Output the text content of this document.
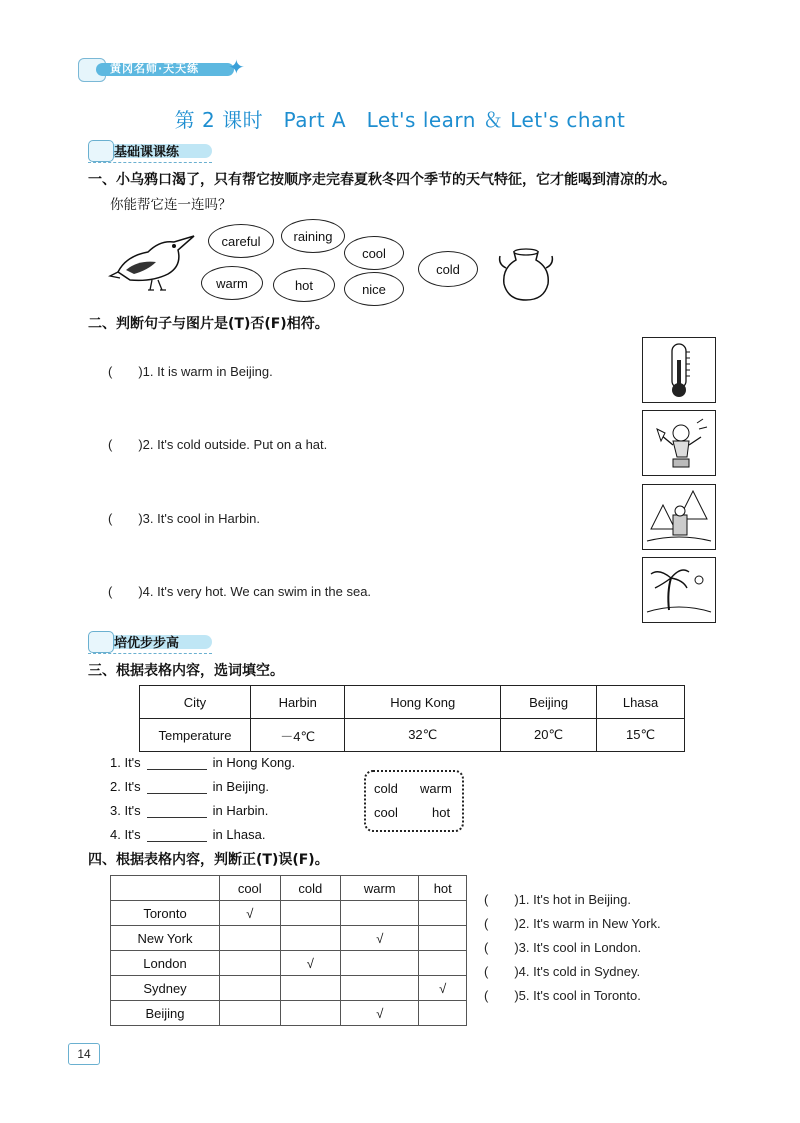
黄冈名师·天天练 ✦
第 2 课时　Part A　Let's learn ＆ Let's chant
基础课课练
一、小乌鸦口渴了，只有帮它按顺序走完春夏秋冬四个季节的天气特征，它才能喝到清凉的水。
你能帮它连一连吗？
careful	raining
cool
cold
warm	hot	nice
二、判断句子与图片是(T)否(F)相符。
(　　)1. It is warm in Beijing.
(　　)2. It's cold outside. Put on a hat.
(　　)3. It's cool in Harbin.
(　　)4. It's very hot. We can swim in the sea.
培优步步高
三、根据表格内容，选词填空。
City	Harbin	Hong Kong	Beijing	Lhasa
Temperature	－4℃	32℃	20℃	15℃
1. It's	in Hong Kong.
2. It's	in Beijing.
3. It's	in Harbin.
4. It's	in Lhasa.
cold warm
cool	hot
四、根据表格内容，判断正(T)误(F)。
	cool	cold	warm	hot
Toronto	√			
New York			√	
London		√		
Sydney				√
Beijing			√	
(　　)1. It's hot in Beijing.
(　　)2. It's warm in New York.
(　　)3. It's cool in London.
(　　)4. It's cold in Sydney.
(　　)5. It's cool in Toronto.
14
